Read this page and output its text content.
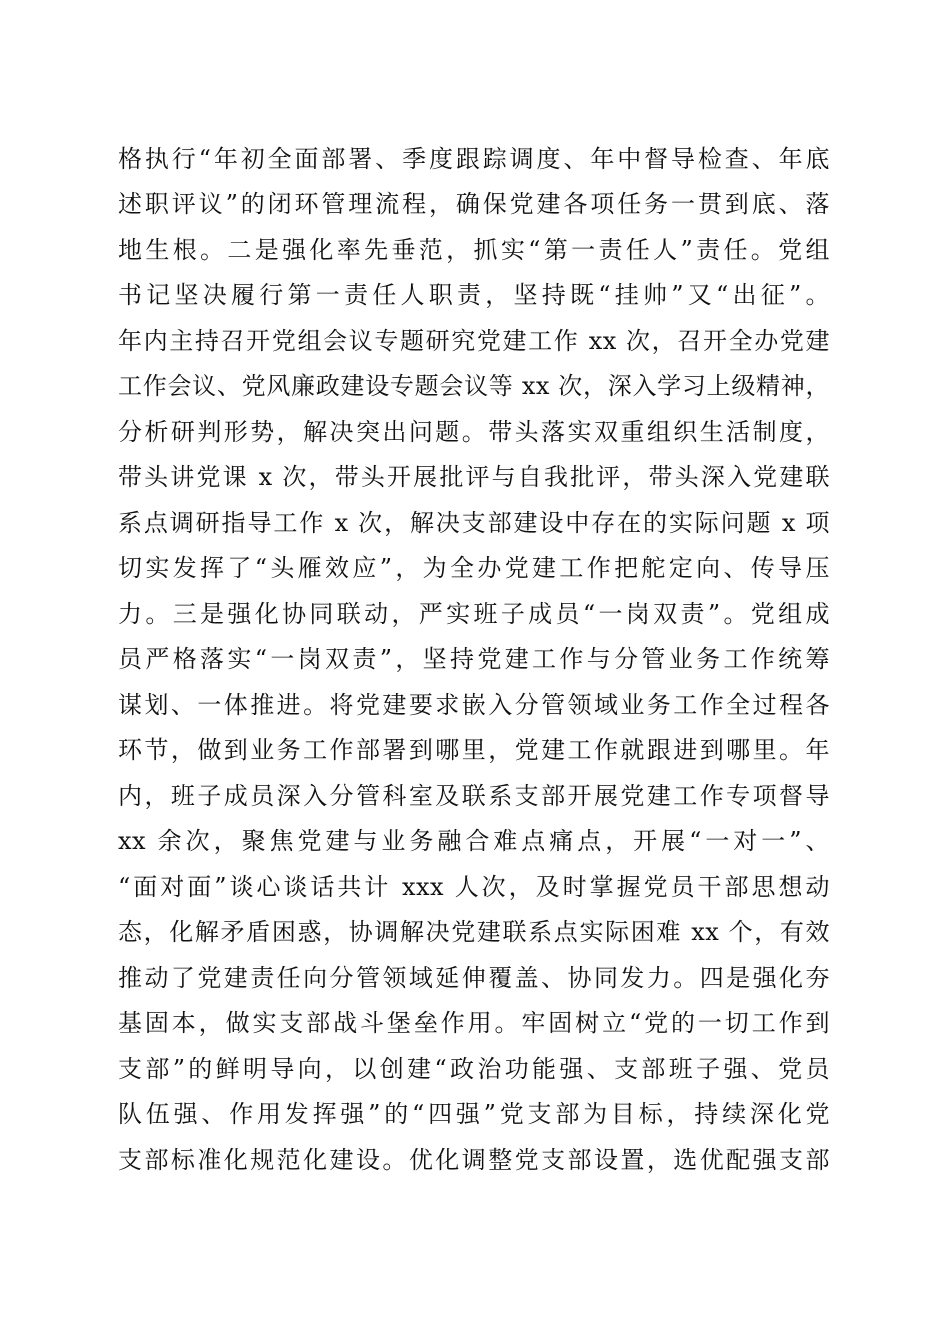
格执行“年初全面部署、季度跟踪调度、年中督导检查、年底
述职评议”的闭环管理流程，确保党建各项任务一贯到底、落
地生根。二是强化率先垂范，抓实“第一责任人”责任。党组
书记坚决履行第一责任人职责，坚持既“挂帅”又“出征”。
年内主持召开党组会议专题研究党建工作 xx 次，召开全办党建
工作会议、党风廉政建设专题会议等 xx 次，深入学习上级精神，
分析研判形势，解决突出问题。带头落实双重组织生活制度，
带头讲党课 x 次，带头开展批评与自我批评，带头深入党建联
系点调研指导工作 x 次，解决支部建设中存在的实际问题 x 项
切实发挥了“头雁效应”，为全办党建工作把舵定向、传导压
力。三是强化协同联动，严实班子成员“一岗双责”。党组成
员严格落实“一岗双责”，坚持党建工作与分管业务工作统筹
谋划、一体推进。将党建要求嵌入分管领域业务工作全过程各
环节，做到业务工作部署到哪里，党建工作就跟进到哪里。年
内，班子成员深入分管科室及联系支部开展党建工作专项督导
xx 余次，聚焦党建与业务融合难点痛点，开展“一对一”、
“面对面”谈心谈话共计 xxx 人次，及时掌握党员干部思想动
态，化解矛盾困惑，协调解决党建联系点实际困难 xx 个，有效
推动了党建责任向分管领域延伸覆盖、协同发力。四是强化夯
基固本，做实支部战斗堡垒作用。牢固树立“党的一切工作到
支部”的鲜明导向，以创建“政治功能强、支部班子强、党员
队伍强、作用发挥强”的“四强”党支部为目标，持续深化党
支部标准化规范化建设。优化调整党支部设置，选优配强支部
